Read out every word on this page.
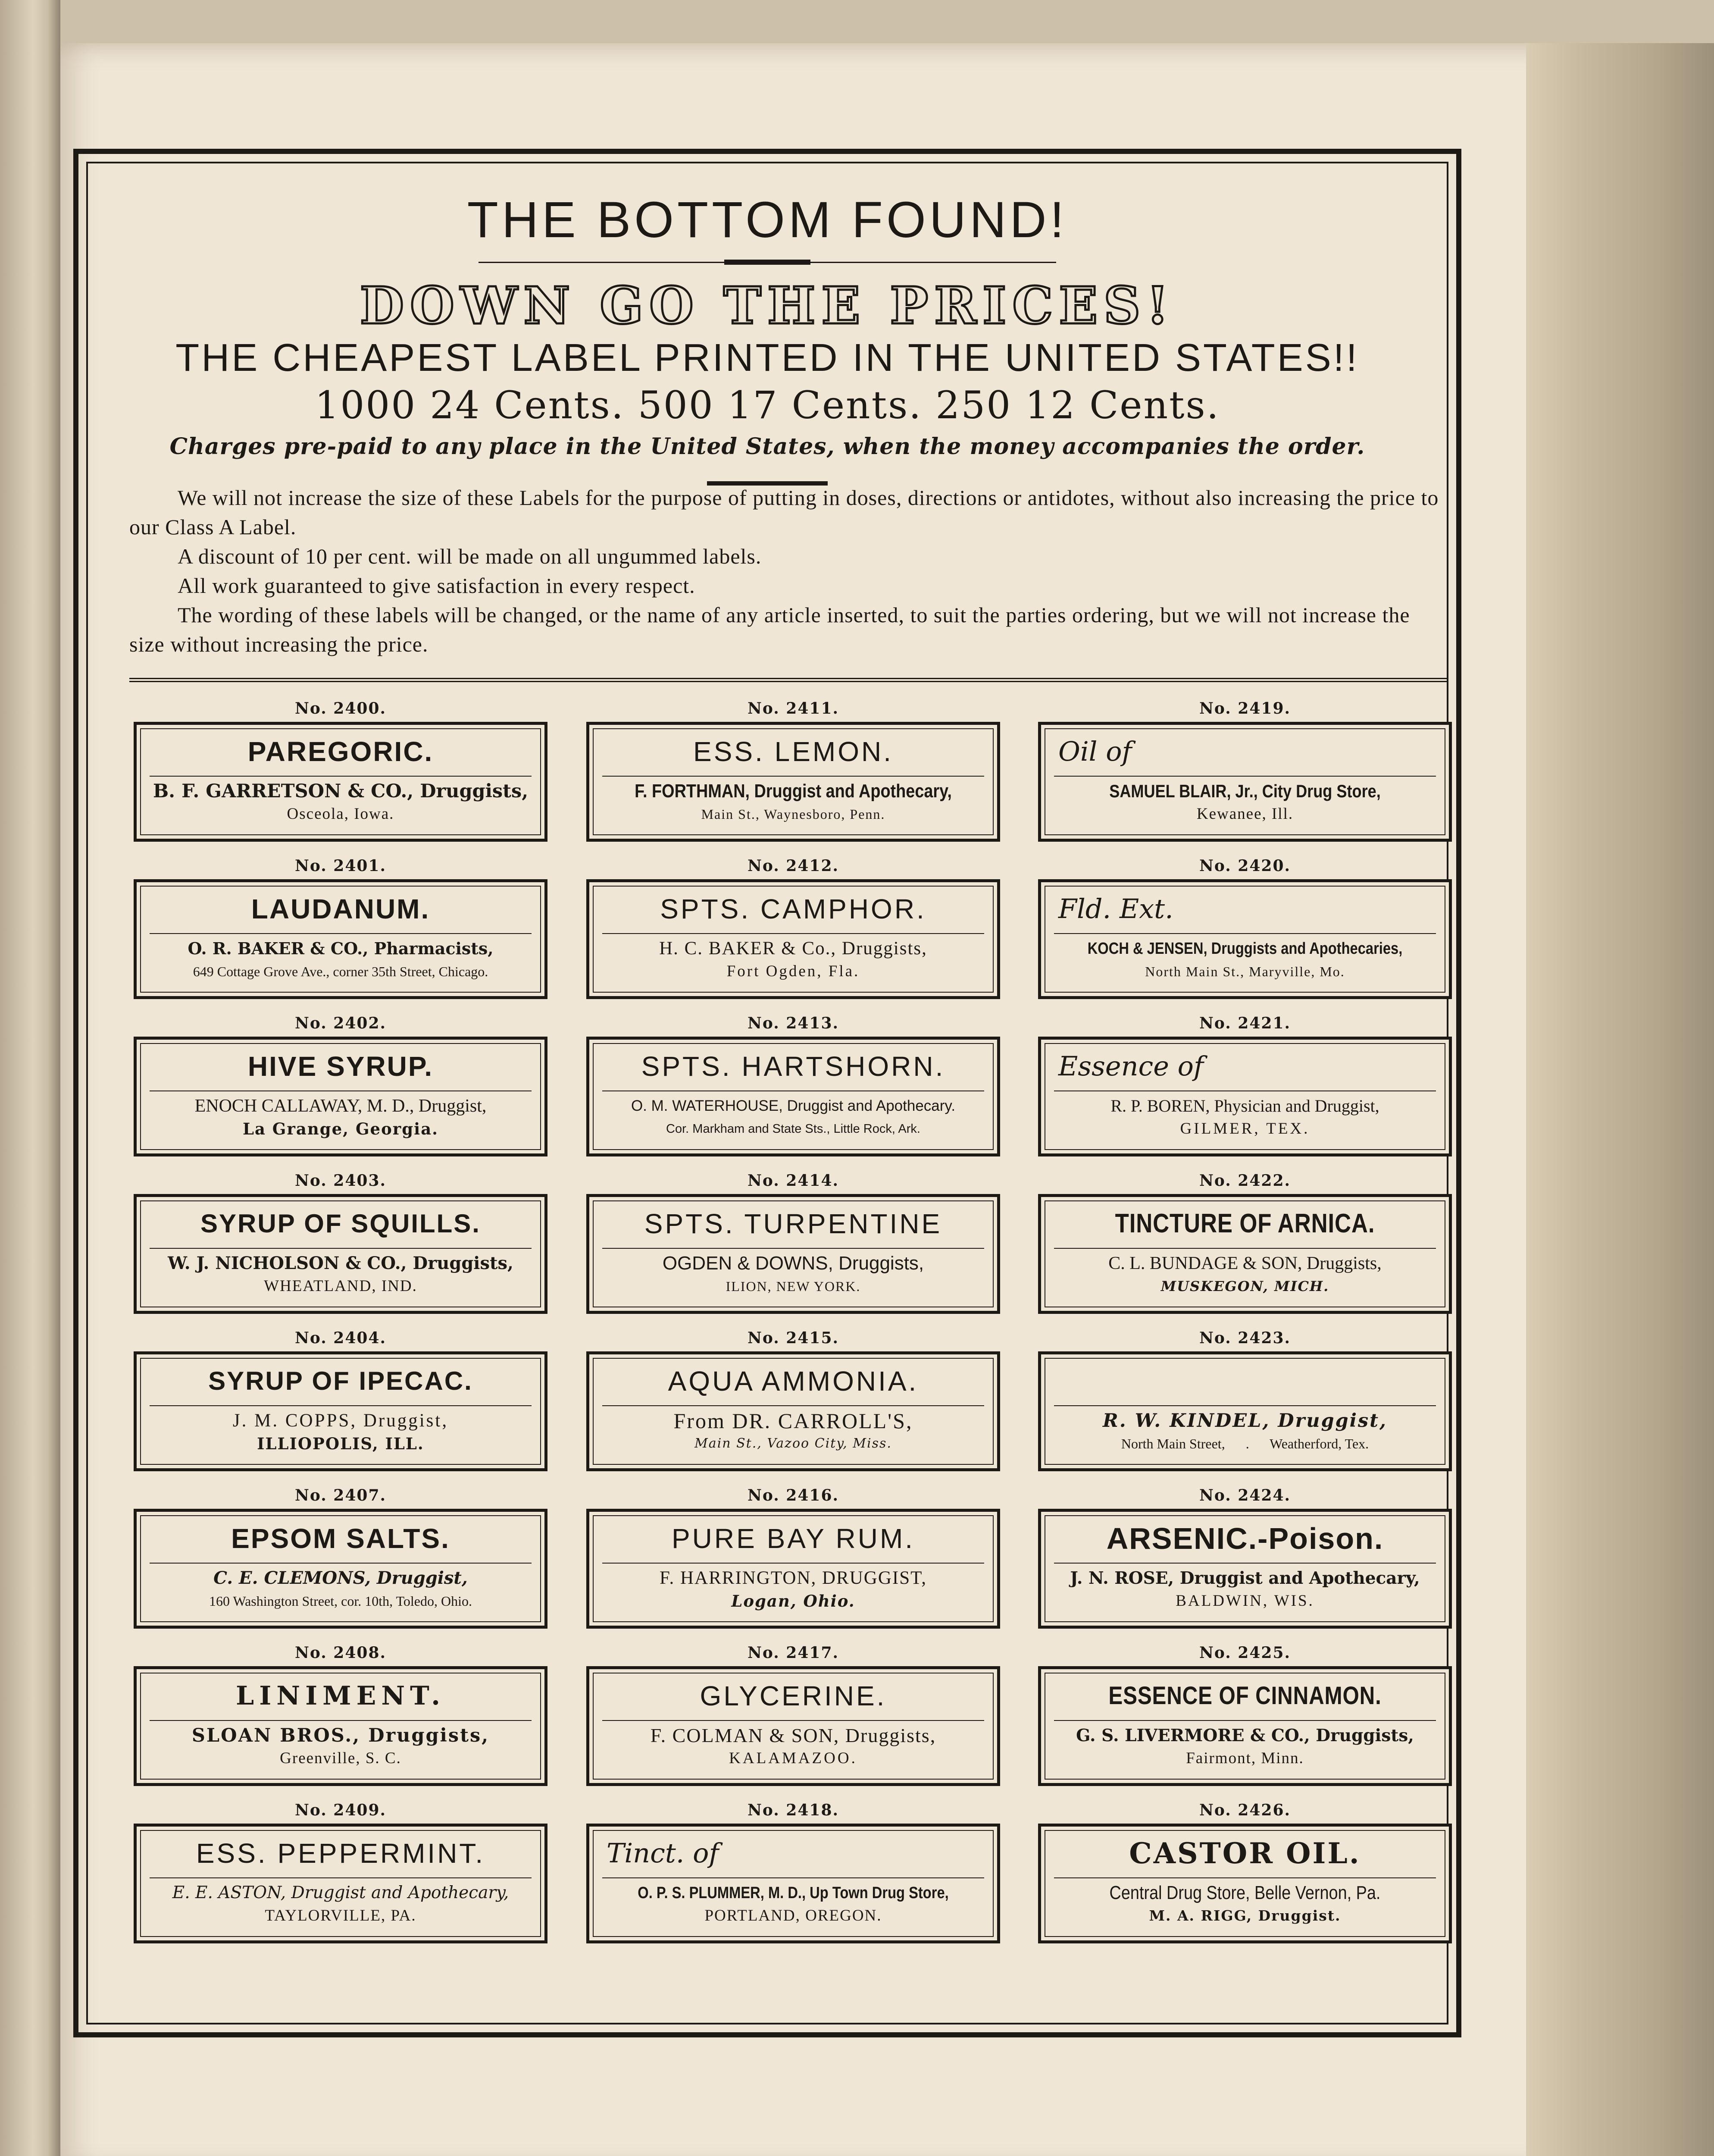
THE BOTTOM FOUND!

DOWN GO THE PRICES!

THE CHEAPEST LABEL PRINTED IN THE UNITED STATES!!

1000 24 Cents. 500 17 Cents. 250 12 Cents.

Charges pre-paid to any place in the United States, when the money accompanies the order.

We will not increase the size of these Labels for the purpose of putting in doses, directions or antidotes, without also increasing the price to our Class A Label.

A discount of 10 per cent. will be made on all ungummed labels.

All work guaranteed to give satisfaction in every respect.

The wording of these labels will be changed, or the name of any article inserted, to suit the parties ordering, but we will not increase the size without increasing the price.

No. 2400.
PAREGORIC.
B. F. GARRETSON & CO., Druggists,
Osceola, Iowa.
No. 2401.
LAUDANUM.
O. R. BAKER & CO., Pharmacists,
649 Cottage Grove Ave., corner 35th Street, Chicago.
No. 2402.
HIVE SYRUP.
ENOCH CALLAWAY, M. D., Druggist,
La Grange, Georgia.
No. 2403.
SYRUP OF SQUILLS.
W. J. NICHOLSON & CO., Druggists,
WHEATLAND, IND.
No. 2404.
SYRUP OF IPECAC.
J. M. COPPS, Druggist,
ILLIOPOLIS, ILL.
No. 2407.
EPSOM SALTS.
C. E. CLEMONS, Druggist,
160 Washington Street, cor. 10th, Toledo, Ohio.
No. 2408.
LINIMENT.
SLOAN BROS., Druggists,
Greenville, S. C.
No. 2409.
ESS. PEPPERMINT.
E. E. ASTON, Druggist and Apothecary,
TAYLORVILLE, PA.
No. 2411.
ESS. LEMON.
F. FORTHMAN, Druggist and Apothecary,
Main St., Waynesboro, Penn.
No. 2412.
SPTS. CAMPHOR.
H. C. BAKER & Co., Druggists,
Fort Ogden, Fla.
No. 2413.
SPTS. HARTSHORN.
O. M. WATERHOUSE, Druggist and Apothecary.
Cor. Markham and State Sts., Little Rock, Ark.
No. 2414.
SPTS. TURPENTINE
OGDEN & DOWNS, Druggists,
ILION, NEW YORK.
No. 2415.
AQUA AMMONIA.
From DR. CARROLL'S,
Main St., Vazoo City, Miss.
No. 2416.
PURE BAY RUM.
F. HARRINGTON, DRUGGIST,
Logan, Ohio.
No. 2417.
GLYCERINE.
F. COLMAN & SON, Druggists,
KALAMAZOO.
No. 2418.
Tinct. of
O. P. S. PLUMMER, M. D., Up Town Drug Store,
PORTLAND, OREGON.
No. 2419.
Oil of
SAMUEL BLAIR, Jr., City Drug Store,
Kewanee, Ill.
No. 2420.
Fld. Ext.
KOCH & JENSEN, Druggists and Apothecaries,
North Main St., Maryville, Mo.
No. 2421.
Essence of
R. P. BOREN, Physician and Druggist,
GILMER, TEX.
No. 2422.
TINCTURE OF ARNICA.
C. L. BUNDAGE & SON, Druggists,
MUSKEGON, MICH.
No. 2423.
R. W. KINDEL, Druggist,
North Main Street,      .      Weatherford, Tex.
No. 2424.
ARSENIC.-Poison.
J. N. ROSE, Druggist and Apothecary,
BALDWIN, WIS.
No. 2425.
ESSENCE OF CINNAMON.
G. S. LIVERMORE & CO., Druggists,
Fairmont, Minn.
No. 2426.
CASTOR OIL.
Central Drug Store, Belle Vernon, Pa.
M. A. RIGG, Druggist.
